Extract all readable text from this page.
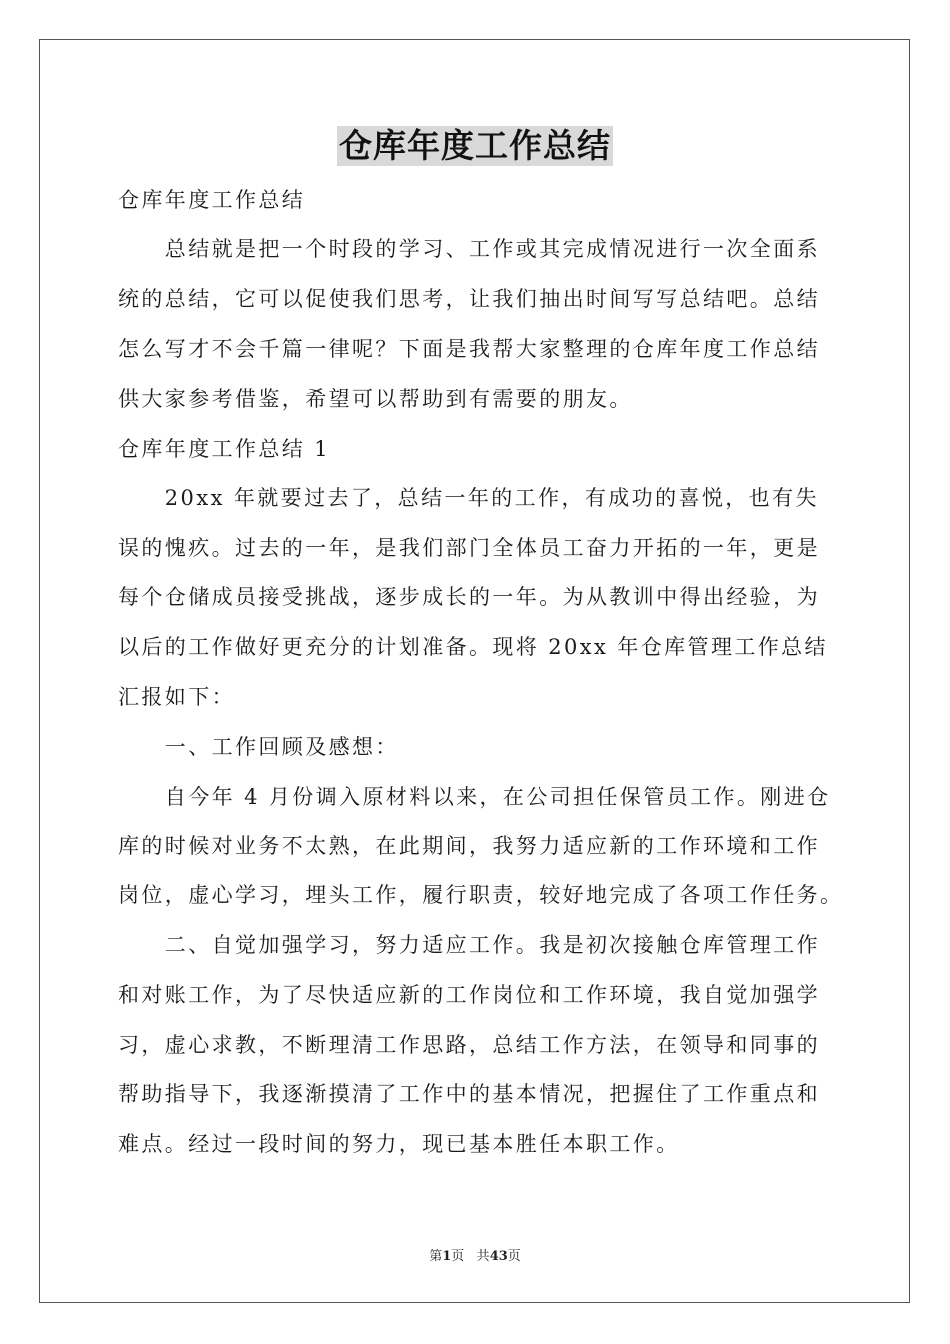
仓库年度工作总结
仓库年度工作总结
　　总结就是把一个时段的学习、工作或其完成情况进行一次全面系
统的总结，它可以促使我们思考，让我们抽出时间写写总结吧。总结
怎么写才不会千篇一律呢？下面是我帮大家整理的仓库年度工作总结
供大家参考借鉴，希望可以帮助到有需要的朋友。
仓库年度工作总结 1
　　20xx 年就要过去了，总结一年的工作，有成功的喜悦，也有失
误的愧疚。过去的一年，是我们部门全体员工奋力开拓的一年，更是
每个仓储成员接受挑战，逐步成长的一年。为从教训中得出经验，为
以后的工作做好更充分的计划准备。现将 20xx 年仓库管理工作总结
汇报如下：
　　一、工作回顾及感想：
　　自今年 4 月份调入原材料以来，在公司担任保管员工作。刚进仓
库的时候对业务不太熟，在此期间，我努力适应新的工作环境和工作
岗位，虚心学习，埋头工作，履行职责，较好地完成了各项工作任务。
　　二、自觉加强学习，努力适应工作。我是初次接触仓库管理工作
和对账工作，为了尽快适应新的工作岗位和工作环境，我自觉加强学
习，虚心求教，不断理清工作思路，总结工作方法，在领导和同事的
帮助指导下，我逐渐摸清了工作中的基本情况，把握住了工作重点和
难点。经过一段时间的努力，现已基本胜任本职工作。
第1页 共43页
